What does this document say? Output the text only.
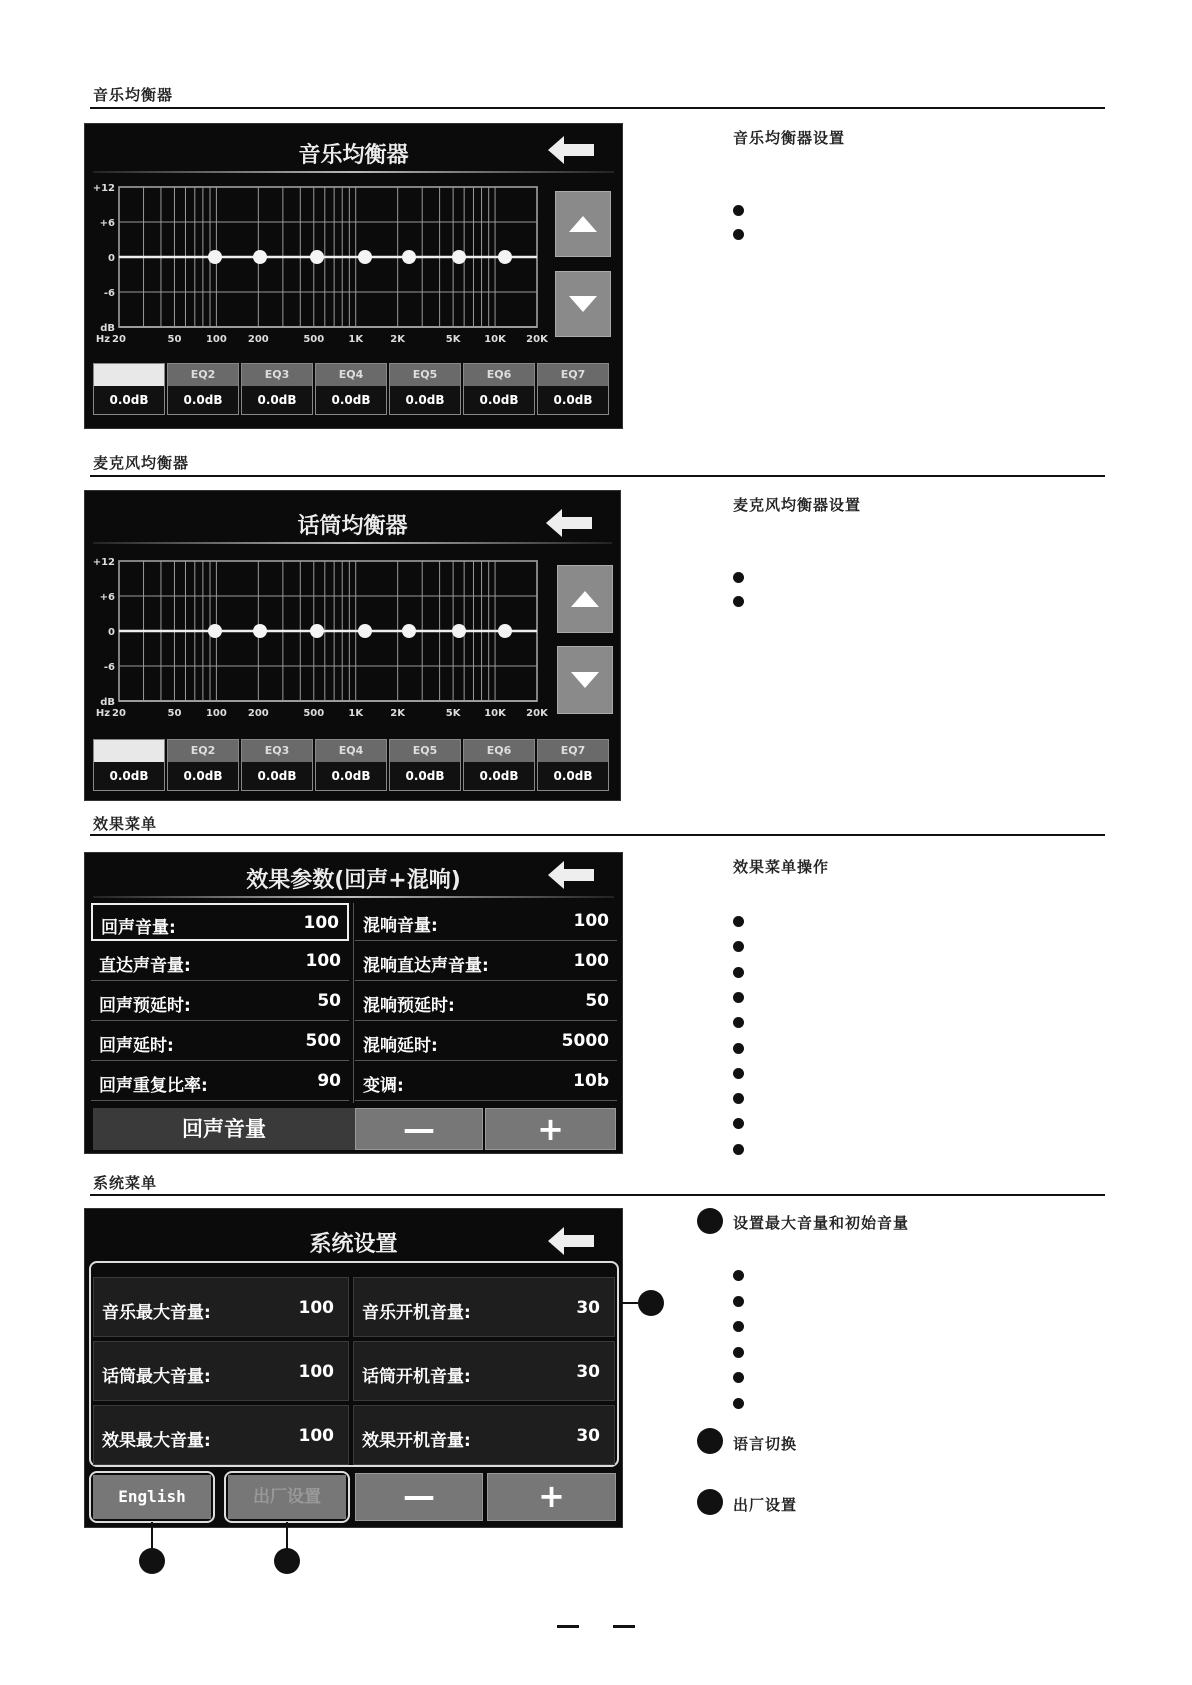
音乐均衡器
音乐均衡器
+12
+6
0
-6
dB
Hz 20	50 100 200	500 1K	2K	5K 10K 20K
EQ1
0.0dB
EQ2
0.0dB
EQ3
0.0dB
EQ4
0.0dB
EQ5
0.0dB
EQ6
0.0dB
EQ7
0.0dB
音乐均衡器设置
麦克风均衡器
话筒均衡器
+12
+6
0
-6
dB
Hz 20	50 100 200	500 1K	2K	5K 10K 20K
EQ1
0.0dB
EQ2
0.0dB
EQ3
0.0dB
EQ4
0.0dB
EQ5
0.0dB
EQ6
0.0dB
EQ7
0.0dB
麦克风均衡器设置
效果菜单
效果参数(回声+混响)
回声音量	—	+
回声音量:	100 混响音量:	100
直达声音量:	100 混响直达声音量:	100
回声预延时:	50 混响预延时:	50
回声延时:	500 混响延时:	5000
回声重复比率:	90 变调:	10b
效果菜单操作
系统菜单
系统设置
English	出厂设置	—	+
音乐最大音量:	100 音乐开机音量:	30
话筒最大音量:	100 话筒开机音量:	30
效果最大音量:	100 效果开机音量:	30
设置最大音量和初始音量
语言切换
出厂设置
